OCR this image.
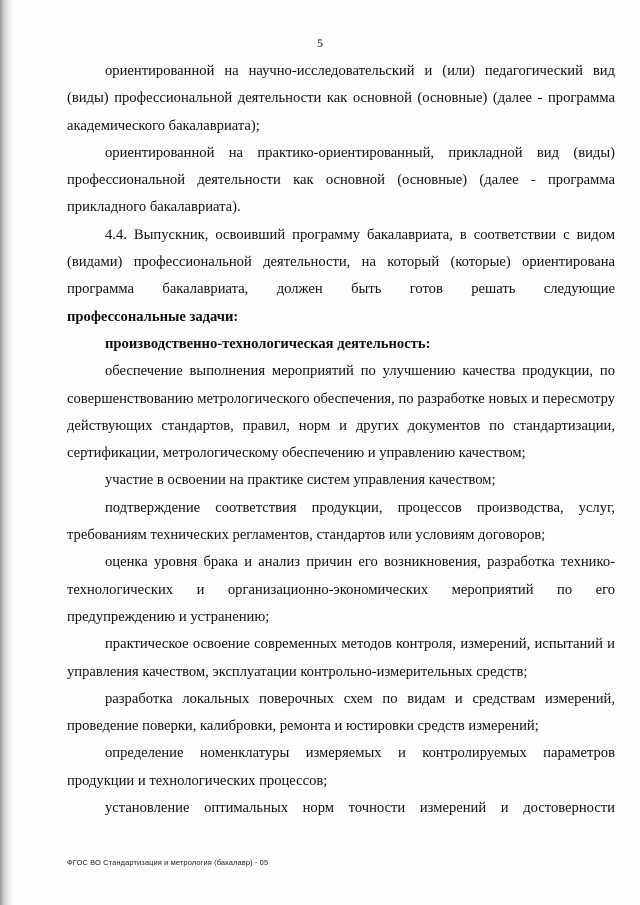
5

ориентированной на научно-исследовательский и (или) педагогический вид (виды) профессиональной деятельности как основной (основные) (далее - программа академического бакалавриата);

ориентированной на практико-ориентированный, прикладной вид (виды) профессиональной деятельности как основной (основные) (далее - программа прикладного бакалавриата).

4.4. Выпускник, освоивший программу бакалавриата, в соответствии с видом (видами) профессиональной деятельности, на который (которые) ориентирована программа бакалавриата, должен быть готов решать следующие

профессональные задачи:

производственно-технологическая деятельность:

обеспечение выполнения мероприятий по улучшению качества продукции, по совершенствованию метрологического обеспечения, по разработке новых и пересмотру действующих стандартов, правил, норм и других документов по стандартизации, сертификации, метрологическому обеспечению и управлению качеством;

участие в освоении на практике систем управления качеством;

подтверждение соответствия продукции, процессов производства, услуг, требованиям технических регламентов, стандартов или условиям договоров;

оценка уровня брака и анализ причин его возникновения, разработка технико-технологических и организационно-экономических мероприятий по его предупреждению и устранению;

практическое освоение современных методов контроля, измерений, испытаний и управления качеством, эксплуатации контрольно-измерительных средств;

разработка локальных поверочных схем по видам и средствам измерений, проведение поверки, калибровки, ремонта и юстировки средств измерений;

определение номенклатуры измеряемых и контролируемых параметров продукции и технологических процессов;

установление оптимальных норм точности измерений и достоверности

ФГОС ВО Стандартизация и метрология (бакалавр) - 05
